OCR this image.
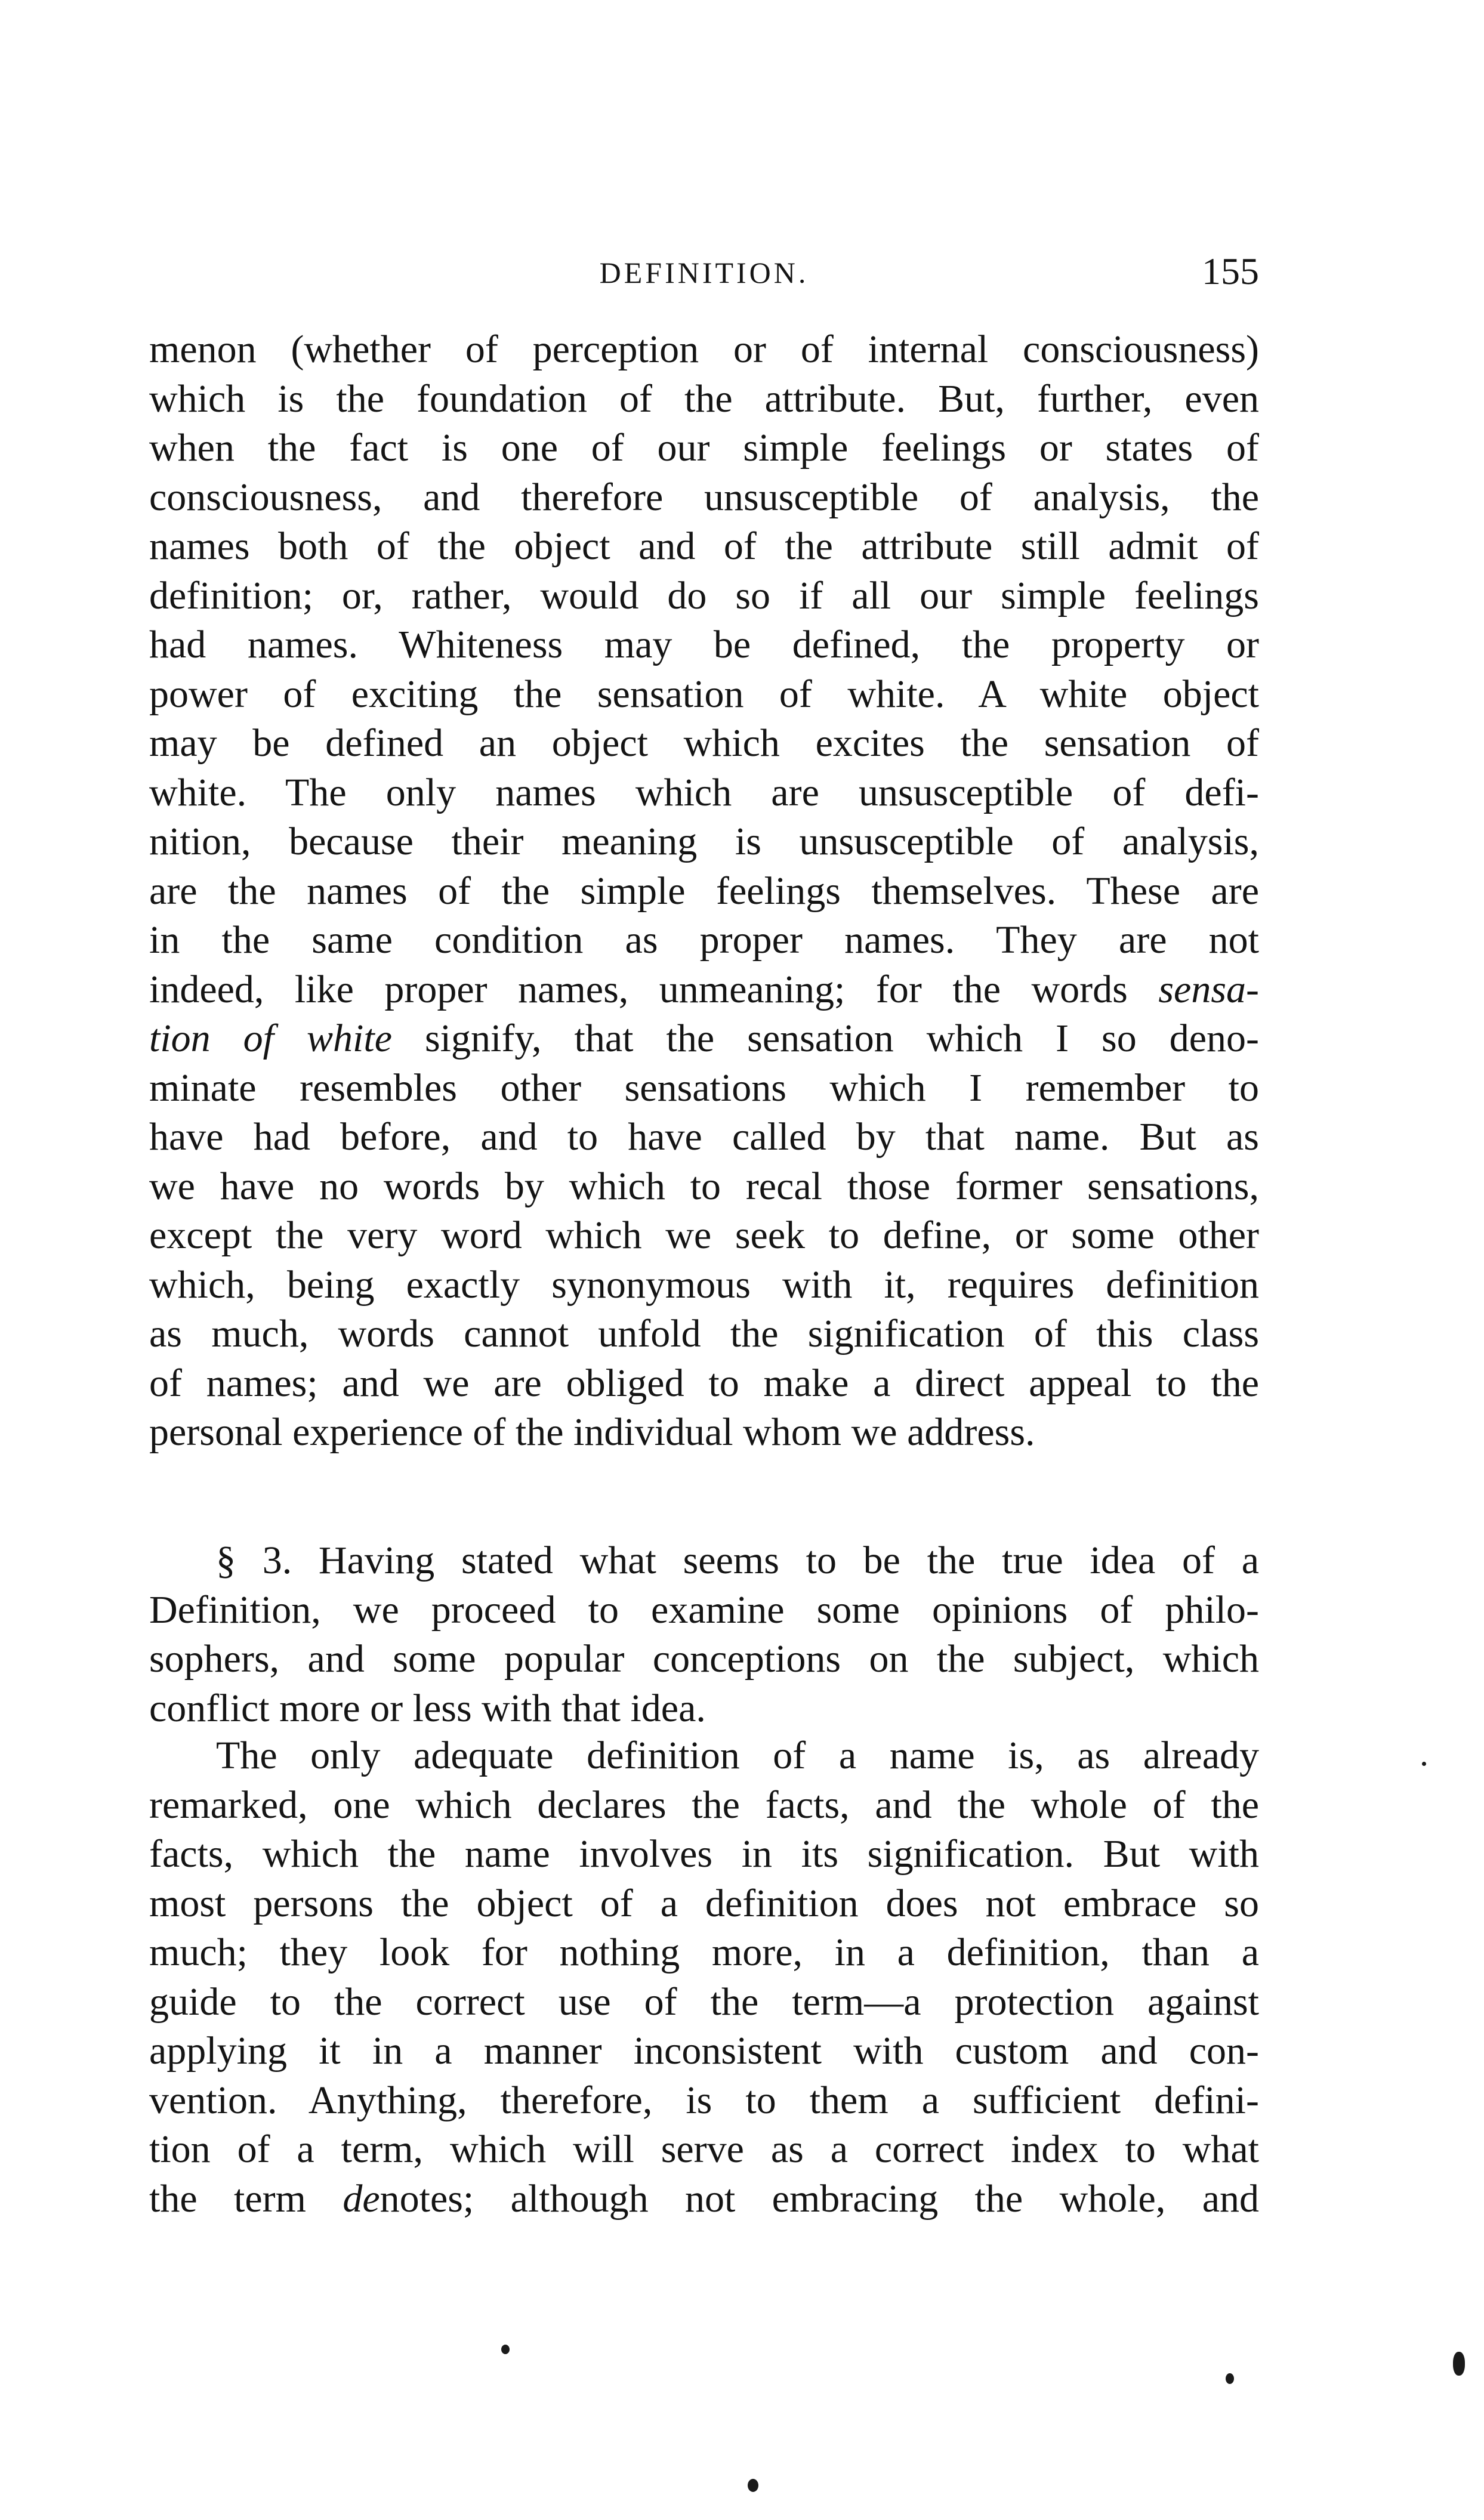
DEFINITION.	155
menon (whether of perception or of internal consciousness)
which is the foundation of the attribute. But, further, even
when the fact is one of our simple feelings or states of
consciousness, and therefore unsusceptible of analysis, the
names both of the object and of the attribute still admit of
definition; or, rather, would do so if all our simple feelings
had names. Whiteness may be defined, the property or
power of exciting the sensation of white. A white object
may be defined an object which excites the sensation of
white. The only names which are unsusceptible of defi-
nition, because their meaning is unsusceptible of analysis,
are the names of the simple feelings themselves. These are
in the same condition as proper names. They are not
indeed, like proper names, unmeaning; for the words sensa-
tion of white signify, that the sensation which I so deno-
minate resembles other sensations which I remember to
have had before, and to have called by that name. But as
we have no words by which to recal those former sensations,
except the very word which we seek to define, or some other
which, being exactly synonymous with it, requires definition
as much, words cannot unfold the signification of this class
of names; and we are obliged to make a direct appeal to the
personal experience of the individual whom we address.
§ 3. Having stated what seems to be the true idea of a
Definition, we proceed to examine some opinions of philo-
sophers, and some popular conceptions on the subject, which
conflict more or less with that idea.
The only adequate definition of a name is, as already
remarked, one which declares the facts, and the whole of the
facts, which the name involves in its signification. But with
most persons the object of a definition does not embrace so
much; they look for nothing more, in a definition, than a
guide to the correct use of the term—a protection against
applying it in a manner inconsistent with custom and con-
vention. Anything, therefore, is to them a sufficient defini-
tion of a term, which will serve as a correct index to what
the term denotes; although not embracing the whole, and
